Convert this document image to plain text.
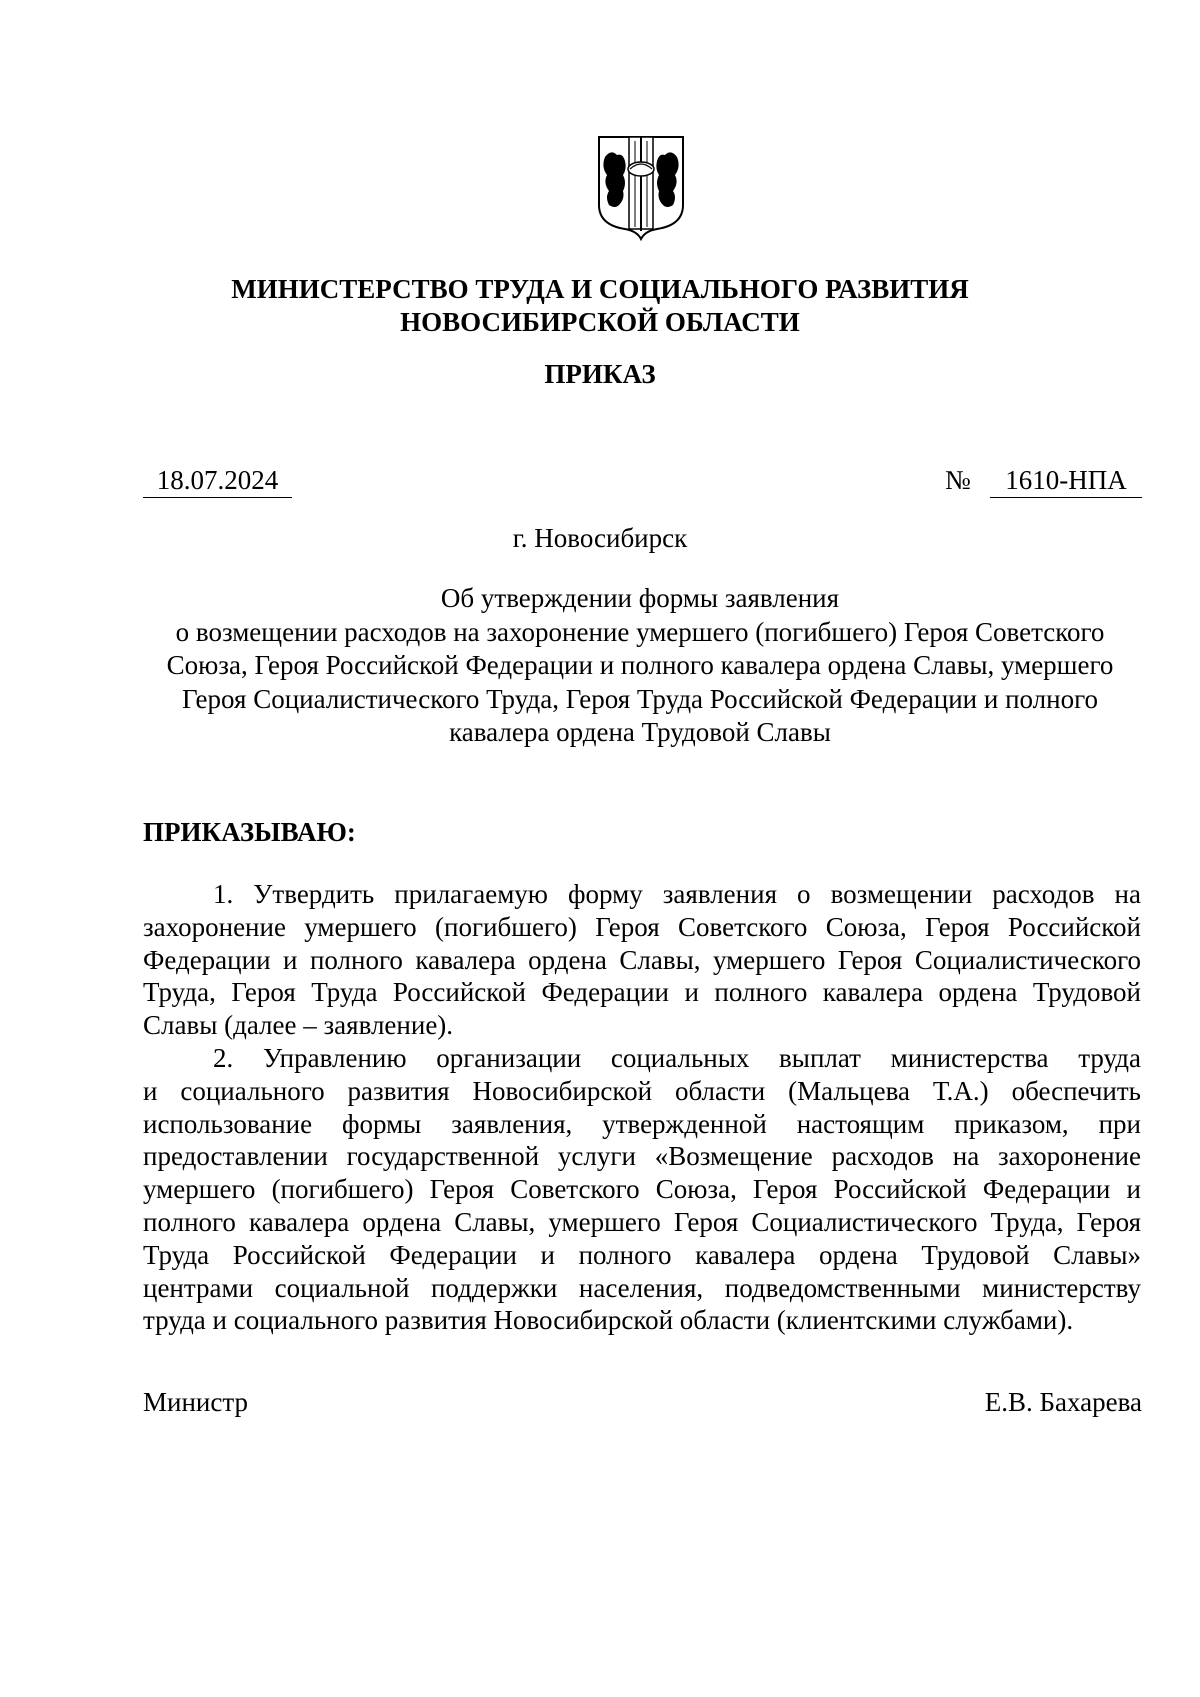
МИНИСТЕРСТВО ТРУДА И СОЦИАЛЬНОГО РАЗВИТИЯ
НОВОСИБИРСКОЙ ОБЛАСТИ
ПРИКАЗ
18.07.2024	№	1610-НПА
г. Новосибирск
Об утверждении формы заявления
о возмещении расходов на захоронение умершего (погибшего) Героя Советского
Союза, Героя Российской Федерации и полного кавалера ордена Славы, умершего
Героя Социалистического Труда, Героя Труда Российской Федерации и полного
кавалера ордена Трудовой Славы
ПРИКАЗЫВАЮ:
1. Утвердить прилагаемую форму заявления о возмещении расходов на
захоронение умершего (погибшего) Героя Советского Союза, Героя Российской
Федерации и полного кавалера ордена Славы, умершего Героя Социалистического
Труда, Героя Труда Российской Федерации и полного кавалера ордена Трудовой
Славы (далее – заявление).
2. Управлению организации социальных выплат министерства труда
и социального развития Новосибирской области (Мальцева Т.А.) обеспечить
использование формы заявления, утвержденной настоящим приказом, при
предоставлении государственной услуги «Возмещение расходов на захоронение
умершего (погибшего) Героя Советского Союза, Героя Российской Федерации и
полного кавалера ордена Славы, умершего Героя Социалистического Труда, Героя
Труда Российской Федерации и полного кавалера ордена Трудовой Славы»
центрами социальной поддержки населения, подведомственными министерству
труда и социального развития Новосибирской области (клиентскими службами).
Министр	Е.В. Бахарева
